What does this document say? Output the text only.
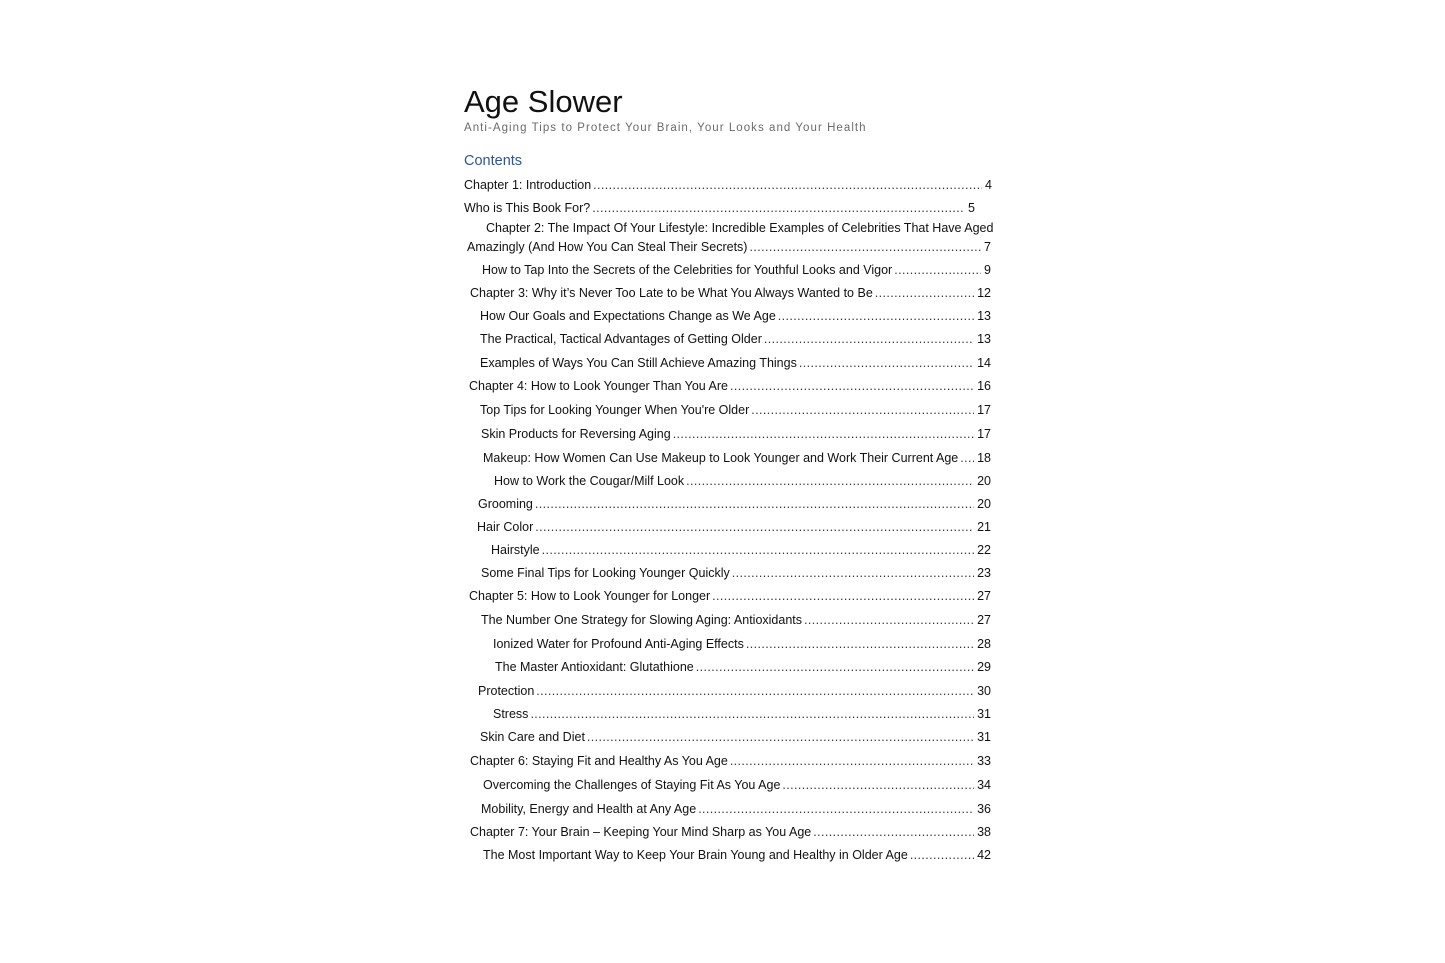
Age Slower
Anti-Aging Tips to Protect Your Brain, Your Looks and Your Health
Contents
Chapter 1: Introduction .....	4
Who is This Book For? .....	5
Chapter 2: The Impact Of Your Lifestyle: Incredible Examples of Celebrities That Have Aged
Amazingly (And How You Can Steal Their Secrets) .....	7
How to Tap Into the Secrets of the Celebrities for Youthful Looks and Vigor .....	9
Chapter 3: Why it’s Never Too Late to be What You Always Wanted to Be .....	12
How Our Goals and Expectations Change as We Age .....	13
The Practical, Tactical Advantages of Getting Older .....	13
Examples of Ways You Can Still Achieve Amazing Things .....	14
Chapter 4: How to Look Younger Than You Are .....	16
Top Tips for Looking Younger When You're Older .....	17
Skin Products for Reversing Aging .....	17
Makeup: How Women Can Use Makeup to Look Younger and Work Their Current Age ..... 18
How to Work the Cougar/Milf Look .....	20
Grooming .....	20
Hair Color .....	21
Hairstyle .....	22
Some Final Tips for Looking Younger Quickly .....	23
Chapter 5: How to Look Younger for Longer .....	27
The Number One Strategy for Slowing Aging: Antioxidants .....	27
Ionized Water for Profound Anti-Aging Effects .....	28
The Master Antioxidant: Glutathione .....	29
Protection .....	30
Stress .....	31
Skin Care and Diet .....	31
Chapter 6: Staying Fit and Healthy As You Age .....	33
Overcoming the Challenges of Staying Fit As You Age .....	34
Mobility, Energy and Health at Any Age .....	36
Chapter 7: Your Brain – Keeping Your Mind Sharp as You Age .....	38
The Most Important Way to Keep Your Brain Young and Healthy in Older Age .....	42
